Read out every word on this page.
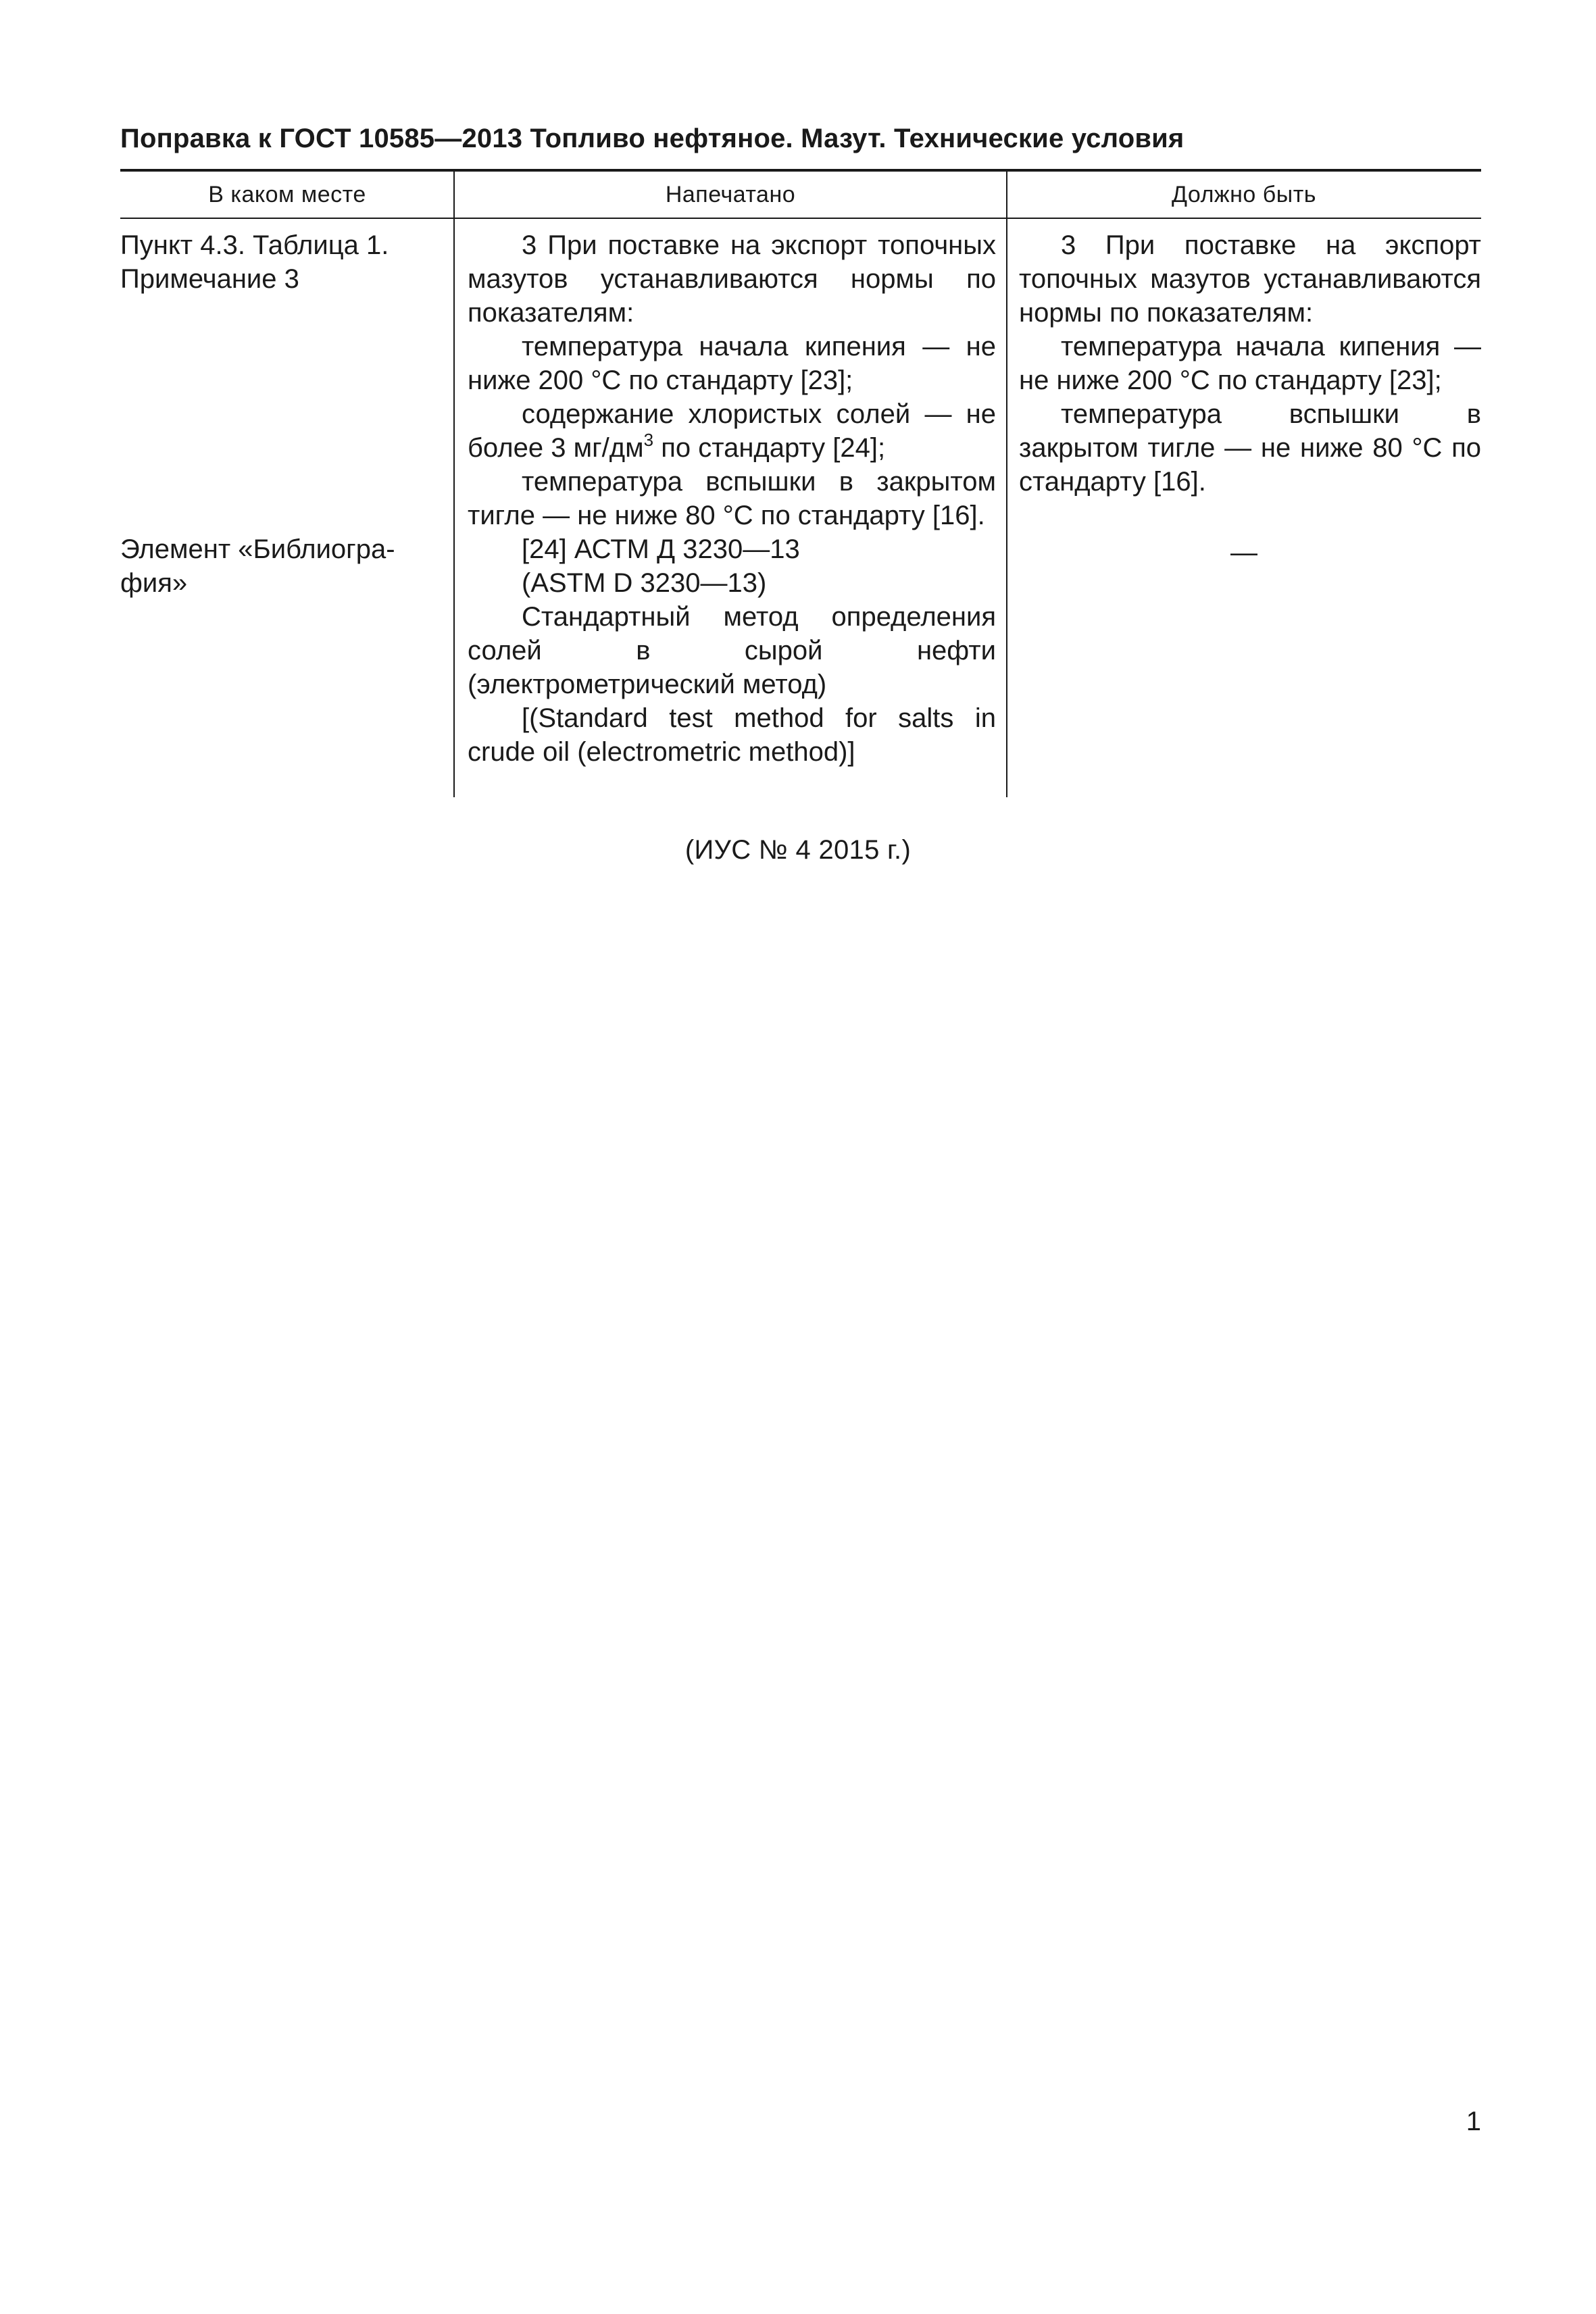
Поправка к ГОСТ 10585—2013 Топливо нефтяное. Мазут. Технические условия
В каком месте	Напечатано	Должно быть
Пункт 4.3. Таблица 1.
Примечание 3
3 При поставке на экспорт топочных мазутов устанавливаются нормы по показателям:
температура начала кипения — не ниже 200 °С по стандарту [23];
содержание хлористых солей — не более 3 $мг/дм^3$ по стандарту [24];
температура вспышки в закрытом тигле — не ниже 80 °С по стандарту [16].
3 При поставке на экспорт топочных мазутов устанавливаются нормы по показателям:
температура начала кипения — не ниже 200 °С по стандарту [23];
температура вспышки в закрытом тигле — не ниже 80 °С по стандарту [16].
Элемент «Библиогра-
фия»
[24] АСТМ Д 3230—13
(ASTM D 3230—13)
Стандартный метод определения солей в сырой нефти (электрометрический метод)
[(Standard test method for salts in crude oil (electrometric method)]
—
(ИУС № 4 2015 г.)
1
